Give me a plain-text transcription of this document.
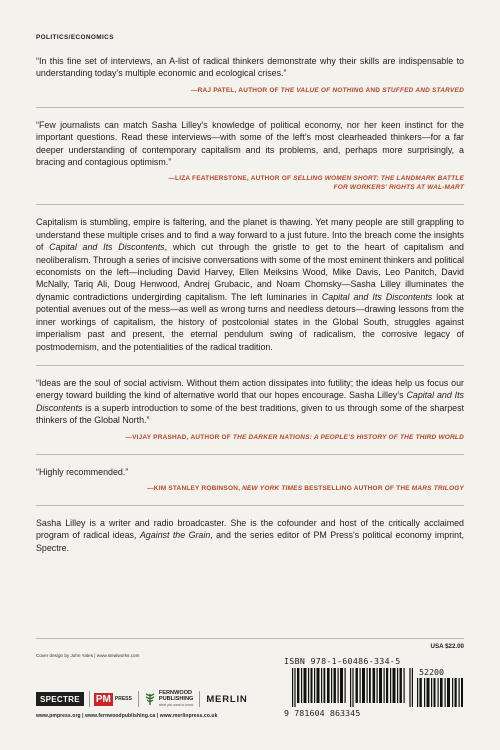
POLITICS/ECONOMICS

“In this fine set of interviews, an A-list of radical thinkers demonstrate why their skills are indispensable to understanding today’s multiple economic and ecological crises.”

—RAJ PATEL, AUTHOR OF THE VALUE OF NOTHING AND STUFFED AND STARVED

“Few journalists can match Sasha Lilley’s knowledge of political economy, nor her keen instinct for the important questions. Read these interviews—with some of the left’s most clearheaded thinkers—for a far deeper understanding of contemporary capitalism and its problems, and, perhaps more surprisingly, a bracing and contagious optimism.”

—LIZA FEATHERSTONE, AUTHOR OF SELLING WOMEN SHORT: THE LANDMARK BATTLE
FOR WORKERS’ RIGHTS AT WAL-MART

Capitalism is stumbling, empire is faltering, and the planet is thawing. Yet many people are still grappling to understand these multiple crises and to find a way forward to a just future. Into the breach come the insights of Capital and Its Discontents, which cut through the gristle to get to the heart of capitalism and neoliberalism. Through a series of incisive conversations with some of the most eminent thinkers and political economists on the left—including David Harvey, Ellen Meiksins Wood, Mike Davis, Leo Panitch, David McNally, Tariq Ali, Doug Henwood, Andrej Grubacic, and Noam Chomsky—Sasha Lilley illuminates the dynamic contradictions undergirding capitalism. The left luminaries in Capital and Its Discontents look at potential avenues out of the mess—as well as wrong turns and needless detours—drawing lessons from the inner workings of capitalism, the history of postcolonial states in the Global South, struggles against imperialism past and present, the eternal pendulum swing of radicalism, the corrosive legacy of postmodernism, and the potentialities of the radical tradition.

“Ideas are the soul of social activism. Without them action dissipates into futility; the ideas help us focus our energy toward building the kind of alternative world that our hopes encourage. Sasha Lilley’s Capital and Its Discontents is a superb introduction to some of the best traditions, given to us through some of the sharpest thinkers of the Global North.”

—VIJAY PRASHAD, AUTHOR OF THE DARKER NATIONS: A PEOPLE’S HISTORY OF THE THIRD WORLD

“Highly recommended.”

—KIM STANLEY ROBINSON, NEW YORK TIMES BESTSELLING AUTHOR OF THE MARS TRILOGY

Sasha Lilley is a writer and radio broadcaster. She is the cofounder and host of the critically acclaimed program of radical ideas, Against the Grain, and the series editor of PM Press’s political economy imprint, Spectre.

Cover design by John Yates | www.stealworks.com
USA $22.00
ISBN 978-1-60486-334-5
52200
9 781604 863345
SPECTRE	PM PRESS
FERNWOOD
PUBLISHING
what you want to know
MERLIN
www.pmpress.org | www.fernwoodpublishing.ca | www.merlinpress.co.uk
